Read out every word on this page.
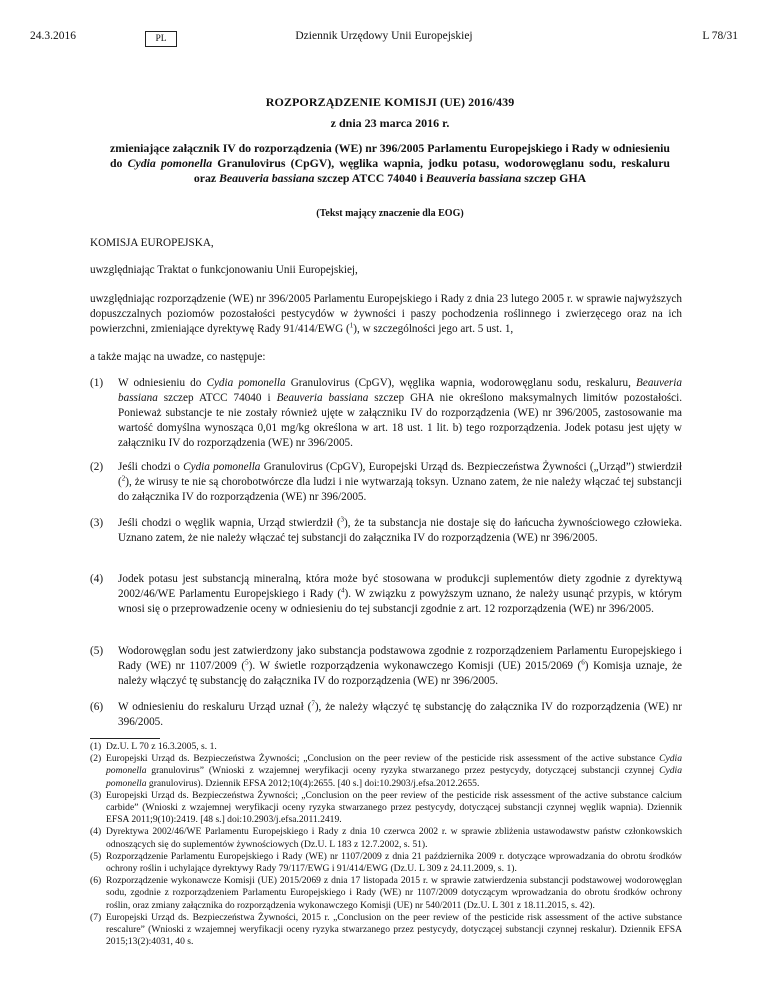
24.3.2016	PL	Dziennik Urzędowy Unii Europejskiej	L 78/31
ROZPORZĄDZENIE KOMISJI (UE) 2016/439
z dnia 23 marca 2016 r.
zmieniające załącznik IV do rozporządzenia (WE) nr 396/2005 Parlamentu Europejskiego i Rady w odniesieniu do Cydia pomonella Granulovirus (CpGV), węglika wapnia, jodku potasu, wodorowęglanu sodu, reskaluru oraz Beauveria bassiana szczep ATCC 74040 i Beauveria bassiana szczep GHA
(Tekst mający znaczenie dla EOG)
KOMISJA EUROPEJSKA,
uwzględniając Traktat o funkcjonowaniu Unii Europejskiej,
uwzględniając rozporządzenie (WE) nr 396/2005 Parlamentu Europejskiego i Rady z dnia 23 lutego 2005 r. w sprawie najwyższych dopuszczalnych poziomów pozostałości pestycydów w żywności i paszy pochodzenia roślinnego i zwierzęcego oraz na ich powierzchni, zmieniające dyrektywę Rady 91/414/EWG ($^1$), w szczególności jego art. 5 ust. 1,
a także mając na uwadze, co następuje:
(1) W odniesieniu do Cydia pomonella Granulovirus (CpGV), węglika wapnia, wodorowęglanu sodu, reskaluru, Beauveria bassiana szczep ATCC 74040 i Beauveria bassiana szczep GHA nie określono maksymalnych limitów pozostałości. Ponieważ substancje te nie zostały również ujęte w załączniku IV do rozporządzenia (WE) nr 396/2005, zastosowanie ma wartość domyślna wynosząca 0,01 mg/kg określona w art. 18 ust. 1 lit. b) tego rozporządzenia. Jodek potasu jest ujęty w załączniku IV do rozporządzenia (WE) nr 396/2005.
(2) Jeśli chodzi o Cydia pomonella Granulovirus (CpGV), Europejski Urząd ds. Bezpieczeństwa Żywności („Urząd”) stwierdził ($^2$), że wirusy te nie są chorobotwórcze dla ludzi i nie wytwarzają toksyn. Uznano zatem, że nie należy włączać tej substancji do załącznika IV do rozporządzenia (WE) nr 396/2005.
(3) Jeśli chodzi o węglik wapnia, Urząd stwierdził ($^3$), że ta substancja nie dostaje się do łańcucha żywnościowego człowieka. Uznano zatem, że nie należy włączać tej substancji do załącznika IV do rozporządzenia (WE) nr 396/2005.
(4) Jodek potasu jest substancją mineralną, która może być stosowana w produkcji suplementów diety zgodnie z dyrektywą 2002/46/WE Parlamentu Europejskiego i Rady ($^4$). W związku z powyższym uznano, że należy usunąć przypis, w którym wnosi się o przeprowadzenie oceny w odniesieniu do tej substancji zgodnie z art. 12 rozporządzenia (WE) nr 396/2005.
(5) Wodorowęglan sodu jest zatwierdzony jako substancja podstawowa zgodnie z rozporządzeniem Parlamentu Europejskiego i Rady (WE) nr 1107/2009 ($^5$). W świetle rozporządzenia wykonawczego Komisji (UE) 2015/2069 ($^6$) Komisja uznaje, że należy włączyć tę substancję do załącznika IV do rozporządzenia (WE) nr 396/2005.
(6) W odniesieniu do reskaluru Urząd uznał ($^7$), że należy włączyć tę substancję do załącznika IV do rozporządzenia (WE) nr 396/2005.
(1) Dz.U. L 70 z 16.3.2005, s. 1.
(2) Europejski Urząd ds. Bezpieczeństwa Żywności; „Conclusion on the peer review of the pesticide risk assessment of the active substance Cydia pomonella granulovirus” (Wnioski z wzajemnej weryfikacji oceny ryzyka stwarzanego przez pestycydy, dotyczącej substancji czynnej Cydia pomonella granulovirus). Dziennik EFSA 2012;10(4):2655. [40 s.] doi:10.2903/j.efsa.2012.2655.
(3) Europejski Urząd ds. Bezpieczeństwa Żywności; „Conclusion on the peer review of the pesticide risk assessment of the active substance calcium carbide” (Wnioski z wzajemnej weryfikacji oceny ryzyka stwarzanego przez pestycydy, dotyczącej substancji czynnej węglik wapnia). Dziennik EFSA 2011;9(10):2419. [48 s.] doi:10.2903/j.efsa.2011.2419.
(4) Dyrektywa 2002/46/WE Parlamentu Europejskiego i Rady z dnia 10 czerwca 2002 r. w sprawie zbliżenia ustawodawstw państw członkowskich odnoszących się do suplementów żywnościowych (Dz.U. L 183 z 12.7.2002, s. 51).
(5) Rozporządzenie Parlamentu Europejskiego i Rady (WE) nr 1107/2009 z dnia 21 października 2009 r. dotyczące wprowadzania do obrotu środków ochrony roślin i uchylające dyrektywy Rady 79/117/EWG i 91/414/EWG (Dz.U. L 309 z 24.11.2009, s. 1).
(6) Rozporządzenie wykonawcze Komisji (UE) 2015/2069 z dnia 17 listopada 2015 r. w sprawie zatwierdzenia substancji podstawowej wodorowęglan sodu, zgodnie z rozporządzeniem Parlamentu Europejskiego i Rady (WE) nr 1107/2009 dotyczącym wprowadzania do obrotu środków ochrony roślin, oraz zmiany załącznika do rozporządzenia wykonawczego Komisji (UE) nr 540/2011 (Dz.U. L 301 z 18.11.2015, s. 42).
(7) Europejski Urząd ds. Bezpieczeństwa Żywności, 2015 r. „Conclusion on the peer review of the pesticide risk assessment of the active substance rescalure” (Wnioski z wzajemnej weryfikacji oceny ryzyka stwarzanego przez pestycydy, dotyczącej substancji czynnej reskalur). Dziennik EFSA 2015;13(2):4031, 40 s.
